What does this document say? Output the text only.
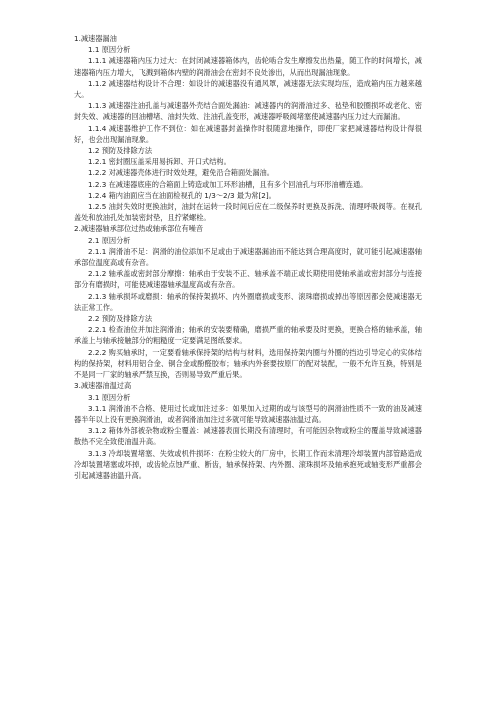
1.减速器漏油
1.1 原因分析
1.1.1 减速器箱内压力过大：在封闭减速器箱体内，齿轮啮合发生摩擦发出热量，随工作的时间增长，减速器箱内压力增大，飞溅到箱体内壁的润滑油会在密封不良处渗出，从而出现漏油现象。
1.1.2 减速器结构设计不合理：如设计的减速器没有通风罩，减速器无法实现均压，造成箱内压力越来越大。
1.1.3 减速器注油孔盖与减速器外壳结合面处漏油：减速器内的润滑油过多、毡垫和胶圈损坏或老化、密封失效、减速器的回油槽堵、油封失效、注油孔盖变形，减速器呼吸阀堵塞使减速器内压力过大而漏油。
1.1.4 减速器维护工作不到位：如在减速器封盖操作时很随意地操作，即使厂家把减速器结构设计得很好，也会出现漏油现象。
1.2 预防及排除方法
1.2.1 密封圈压盖采用易拆卸、开口式结构。
1.2.2 对减速器壳体进行时效处理，避免沿合箱面处漏油。
1.2.3 在减速器底座的合箱面上铸造或加工环形油槽，且有多个回油孔与环形油槽连通。
1.2.4 箱内油面应当在油面检视孔的 1/3～2/3 最为常[2]。
1.2.5 油封失效时更换油封，油封在运转一段时间后应在二级保养时更换及拆洗、清理呼吸阀等。在视孔盖处和放油孔处加装密封垫，且拧紧螺栓。
2.减速器轴承部位过热或轴承部位有噪音
2.1 原因分析
2.1.1 润滑油不足：润滑的油位添加不足或由于减速器漏油而不能达到合理高度时，就可能引起减速器轴承部位温度高或有杂音。
2.1.2 轴承盖或密封部分摩擦：轴承由于安装不正、轴承盖不端正或长期使用使轴承盖或密封部分与连接部分有磨损时，可能使减速器轴承温度高或有杂音。
2.1.3 轴承损坏或磨损：轴承的保持架损坏、内外圈磨损或变形、滚珠磨损或掉出等原因都会使减速器无法正常工作。
2.2 预防及排除方法
2.2.1 检查油位并加注润滑油；轴承的安装要精确，磨损严重的轴承要及时更换，更换合格的轴承盖，轴承盖上与轴承接触部分的粗糙度一定要满足图纸要求。
2.2.2 购买轴承时，一定要看轴承保持架的结构与材料，选用保持架内圈与外圈的挡边引导定心的实体结构的保持架，材料用铝合金、铜合金或酚醛胶布；轴承内外套要按原厂的配对装配，一般不允许互换，特别是不是同一厂家的轴承严禁互换，否则易导致严重后果。
3.减速器油温过高
3.1 原因分析
3.1.1 润滑油不合格、使用过长或加注过多：如果加入过期的或与该型号的润滑油性质不一致的油及减速器半年以上没有更换润滑油，或者润滑油加注过多就可能导致减速器油温过高。
3.1.2 箱体外部被杂物或粉尘覆盖：减速器表面长期没有清理时，有可能因杂物或粉尘的覆盖导致减速器散热不完全致使油温升高。
3.1.3 冷却装置堵塞、失效或机件损坏：在粉尘较大的厂房中，长期工作而未清理冷却装置内部管路造成冷却装置堵塞或坏掉，或齿轮点蚀严重、断齿，轴承保持架、内外圈、滚珠损坏及轴承抱死或轴变形严重都会引起减速器油温升高。
